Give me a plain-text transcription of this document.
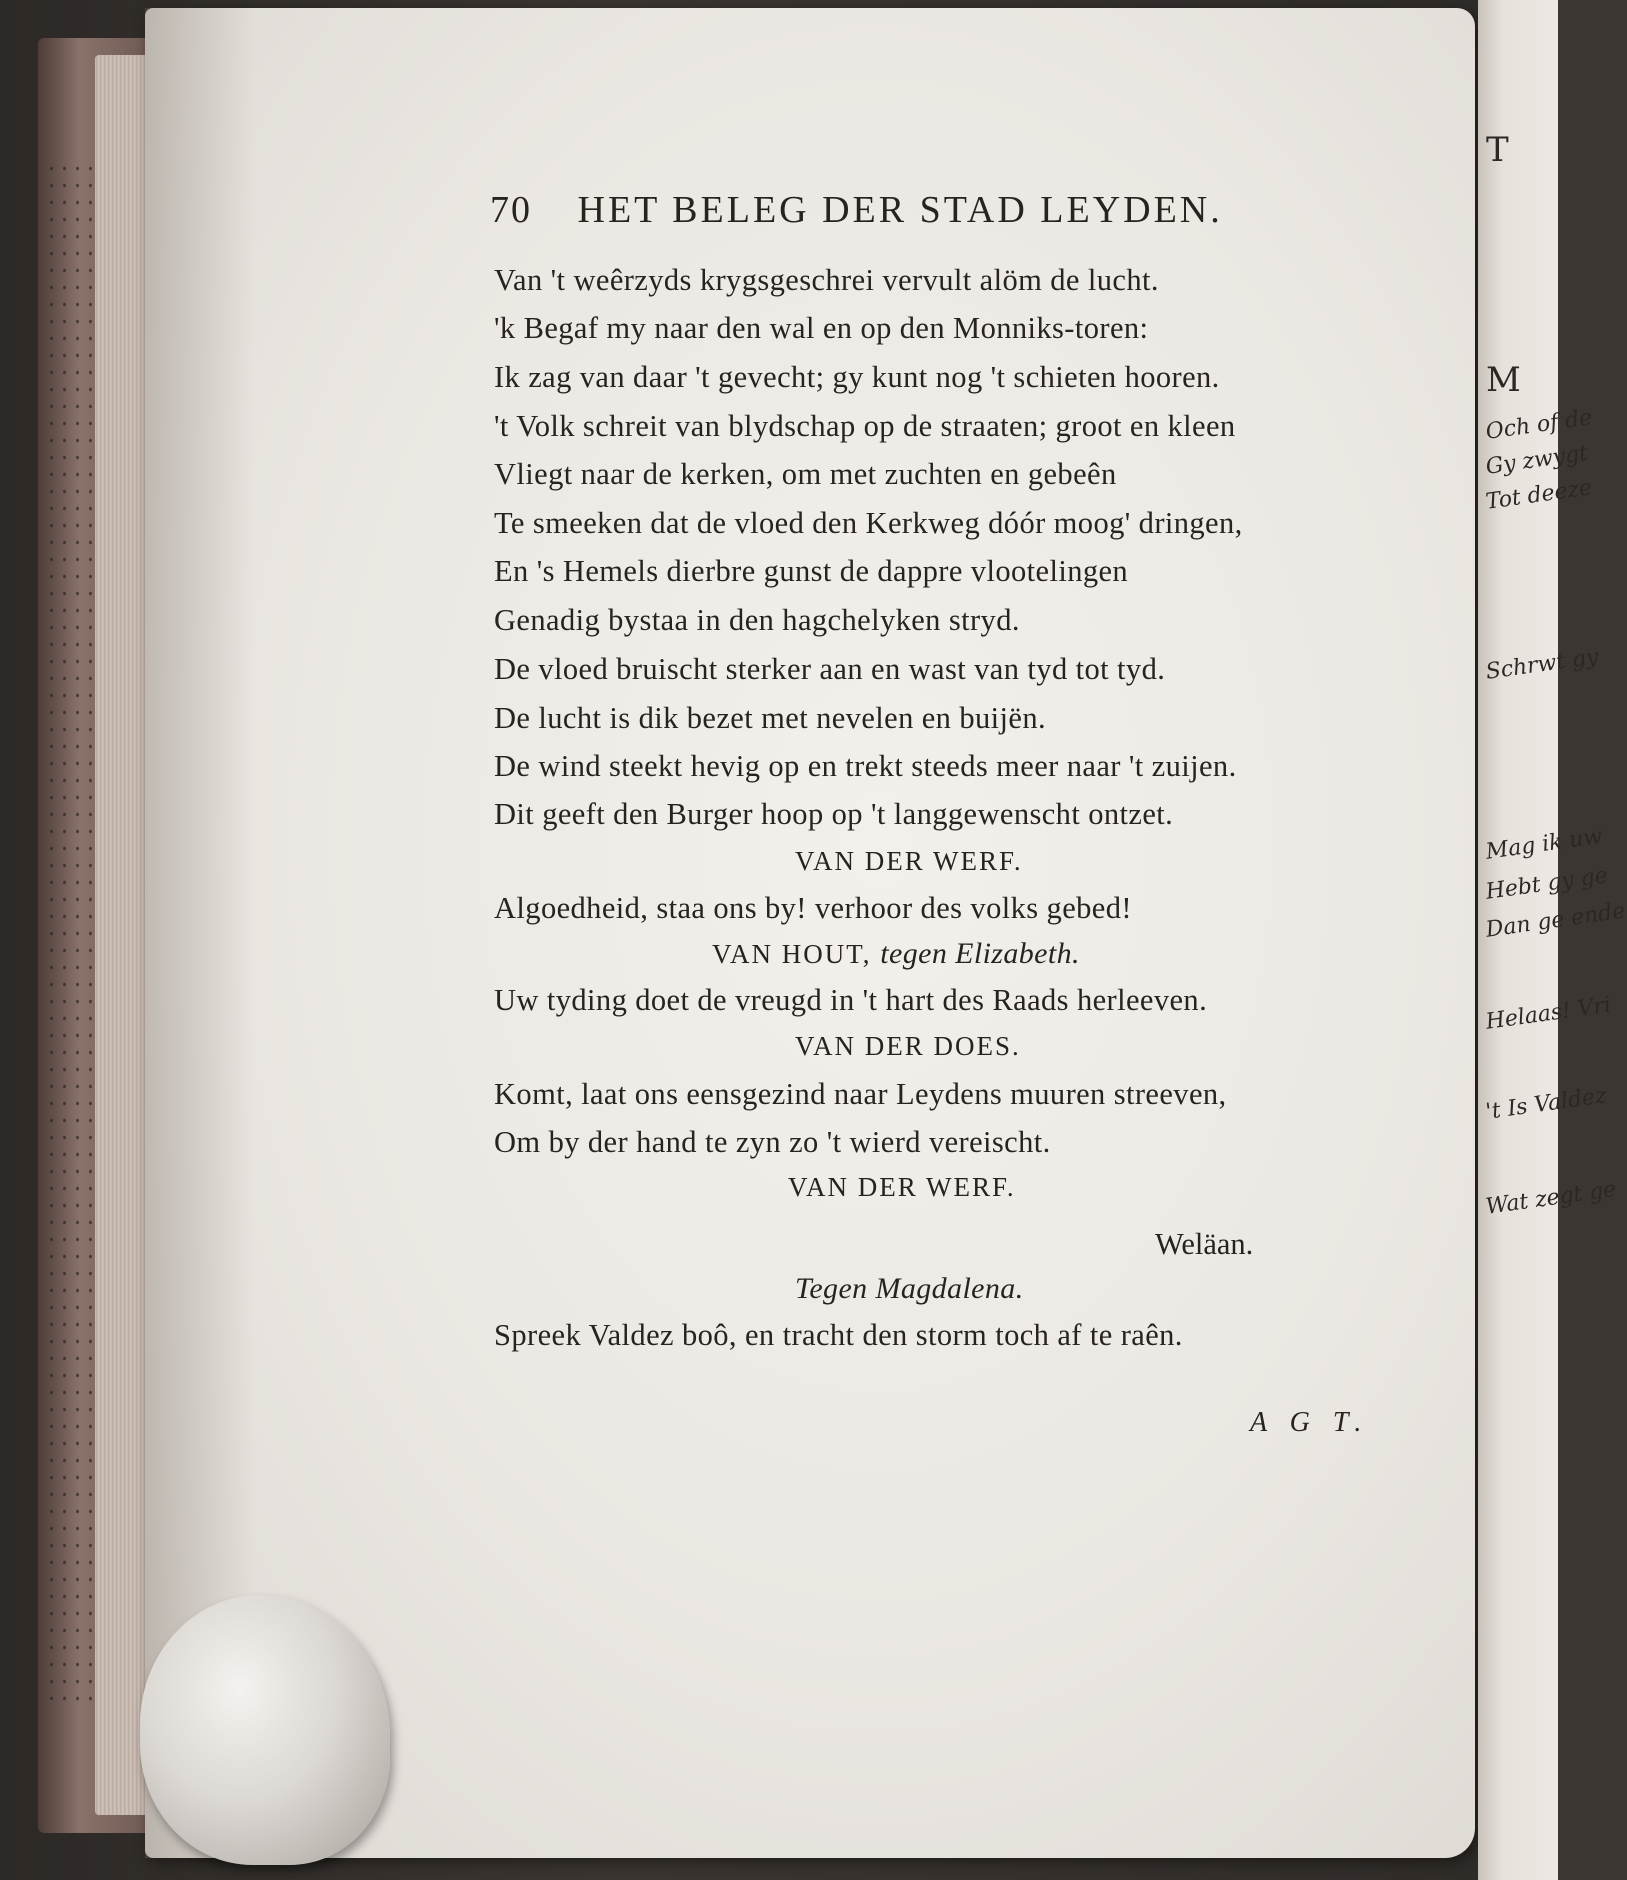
T
M
Och of de
Gy zwygt
Tot deeze
Schrwt gy
Mag ik uw
Hebt gy ge
Dan ge ende
Helaas! Vri
't Is Valdez
Wat zegt ge
70 HET BELEG DER STAD LEYDEN.
Van 't weêrzyds krygsgeschrei vervult alöm de lucht.
'k Begaf my naar den wal en op den Monniks-toren:
Ik zag van daar 't gevecht; gy kunt nog 't schieten hooren.
't Volk schreit van blydschap op de straaten; groot en kleen
Vliegt naar de kerken, om met zuchten en gebeên
Te smeeken dat de vloed den Kerkweg dóór moog' dringen,
En 's Hemels dierbre gunst de dappre vlootelingen
Genadig bystaa in den hagchelyken stryd.
De vloed bruischt sterker aan en wast van tyd tot tyd.
De lucht is dik bezet met nevelen en buijën.
De wind steekt hevig op en trekt steeds meer naar 't zuijen.
Dit geeft den Burger hoop op 't langgewenscht ontzet.
VAN DER WERF.
Algoedheid, staa ons by! verhoor des volks gebed!
VAN HOUT, tegen Elizabeth.
Uw tyding doet de vreugd in 't hart des Raads herleeven.
VAN DER DOES.
Komt, laat ons eensgezind naar Leydens muuren streeven,
Om by der hand te zyn zo 't wierd vereischt.
VAN DER WERF.
Weläan.
Tegen Magdalena.
Spreek Valdez boô, en tracht den storm toch af te raên.
A G T.
